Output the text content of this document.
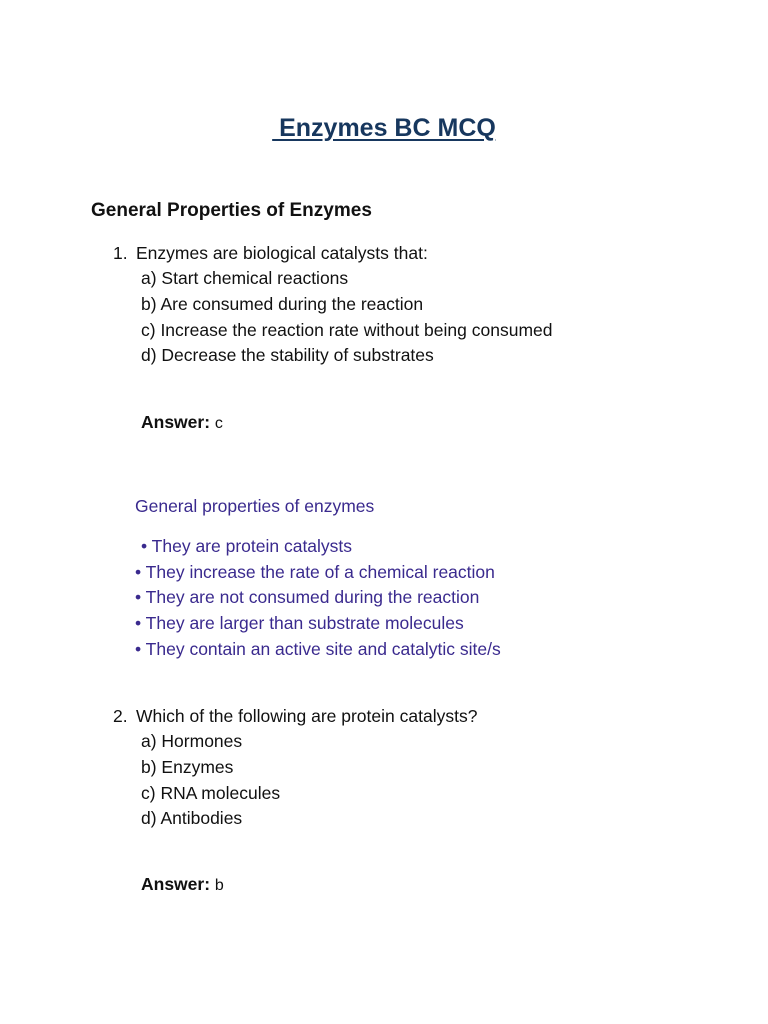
Enzymes BC MCQ
General Properties of Enzymes
1. Enzymes are biological catalysts that:
a) Start chemical reactions
b) Are consumed during the reaction
c) Increase the reaction rate without being consumed
d) Decrease the stability of substrates
Answer: c
General properties of enzymes
• They are protein catalysts
• They increase the rate of a chemical reaction
• They are not consumed during the reaction
• They are larger than substrate molecules
• They contain an active site and catalytic site/s
2. Which of the following are protein catalysts?
a) Hormones
b) Enzymes
c) RNA molecules
d) Antibodies
Answer: b
